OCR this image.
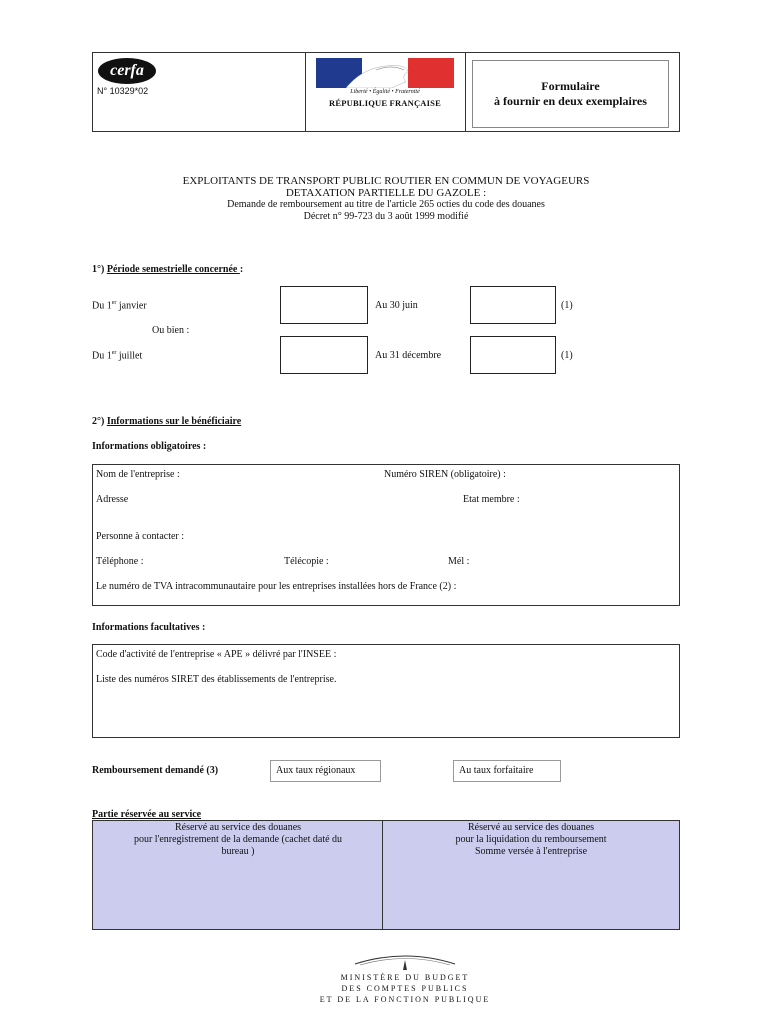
cerfa
N° 10329*02	Liberté • Égalité • Fraternité
RÉPUBLIQUE FRANÇAISE
Formulaire
à fournir en deux exemplaires
EXPLOITANTS DE TRANSPORT PUBLIC ROUTIER EN COMMUN DE VOYAGEURS
DETAXATION PARTIELLE DU GAZOLE :
Demande de remboursement au titre de l'article 265 octies du code des douanes
Décret n° 99-723 du 3 août 1999 modifié
1°) Période semestrielle concernée :
Du 1er janvier	Au 30 juin	(1)
Ou bien :
Du 1er juillet	Au 31 décembre	(1)
2°) Informations sur le bénéficiaire
Informations obligatoires :
Nom de l'entreprise :	Numéro SIREN (obligatoire) :
Adresse	Etat membre :
Personne à contacter :
Téléphone :	Télécopie :	Mél :
Le numéro de TVA intracommunautaire pour les entreprises installées hors de France (2) :
Informations facultatives :
Code d'activité de l'entreprise « APE » délivré par l'INSEE :
Liste des numéros SIRET des établissements de l'entreprise.
Remboursement demandé (3)	Aux taux régionaux	Au taux forfaitaire
Partie réservée au service
Réservé au service des douanes
pour l'enregistrement de la demande (cachet daté du
bureau )
Réservé au service des douanes
pour la liquidation du remboursement
Somme versée à l'entreprise
MINISTÈRE DU BUDGET
DES COMPTES PUBLICS
ET DE LA FONCTION PUBLIQUE
